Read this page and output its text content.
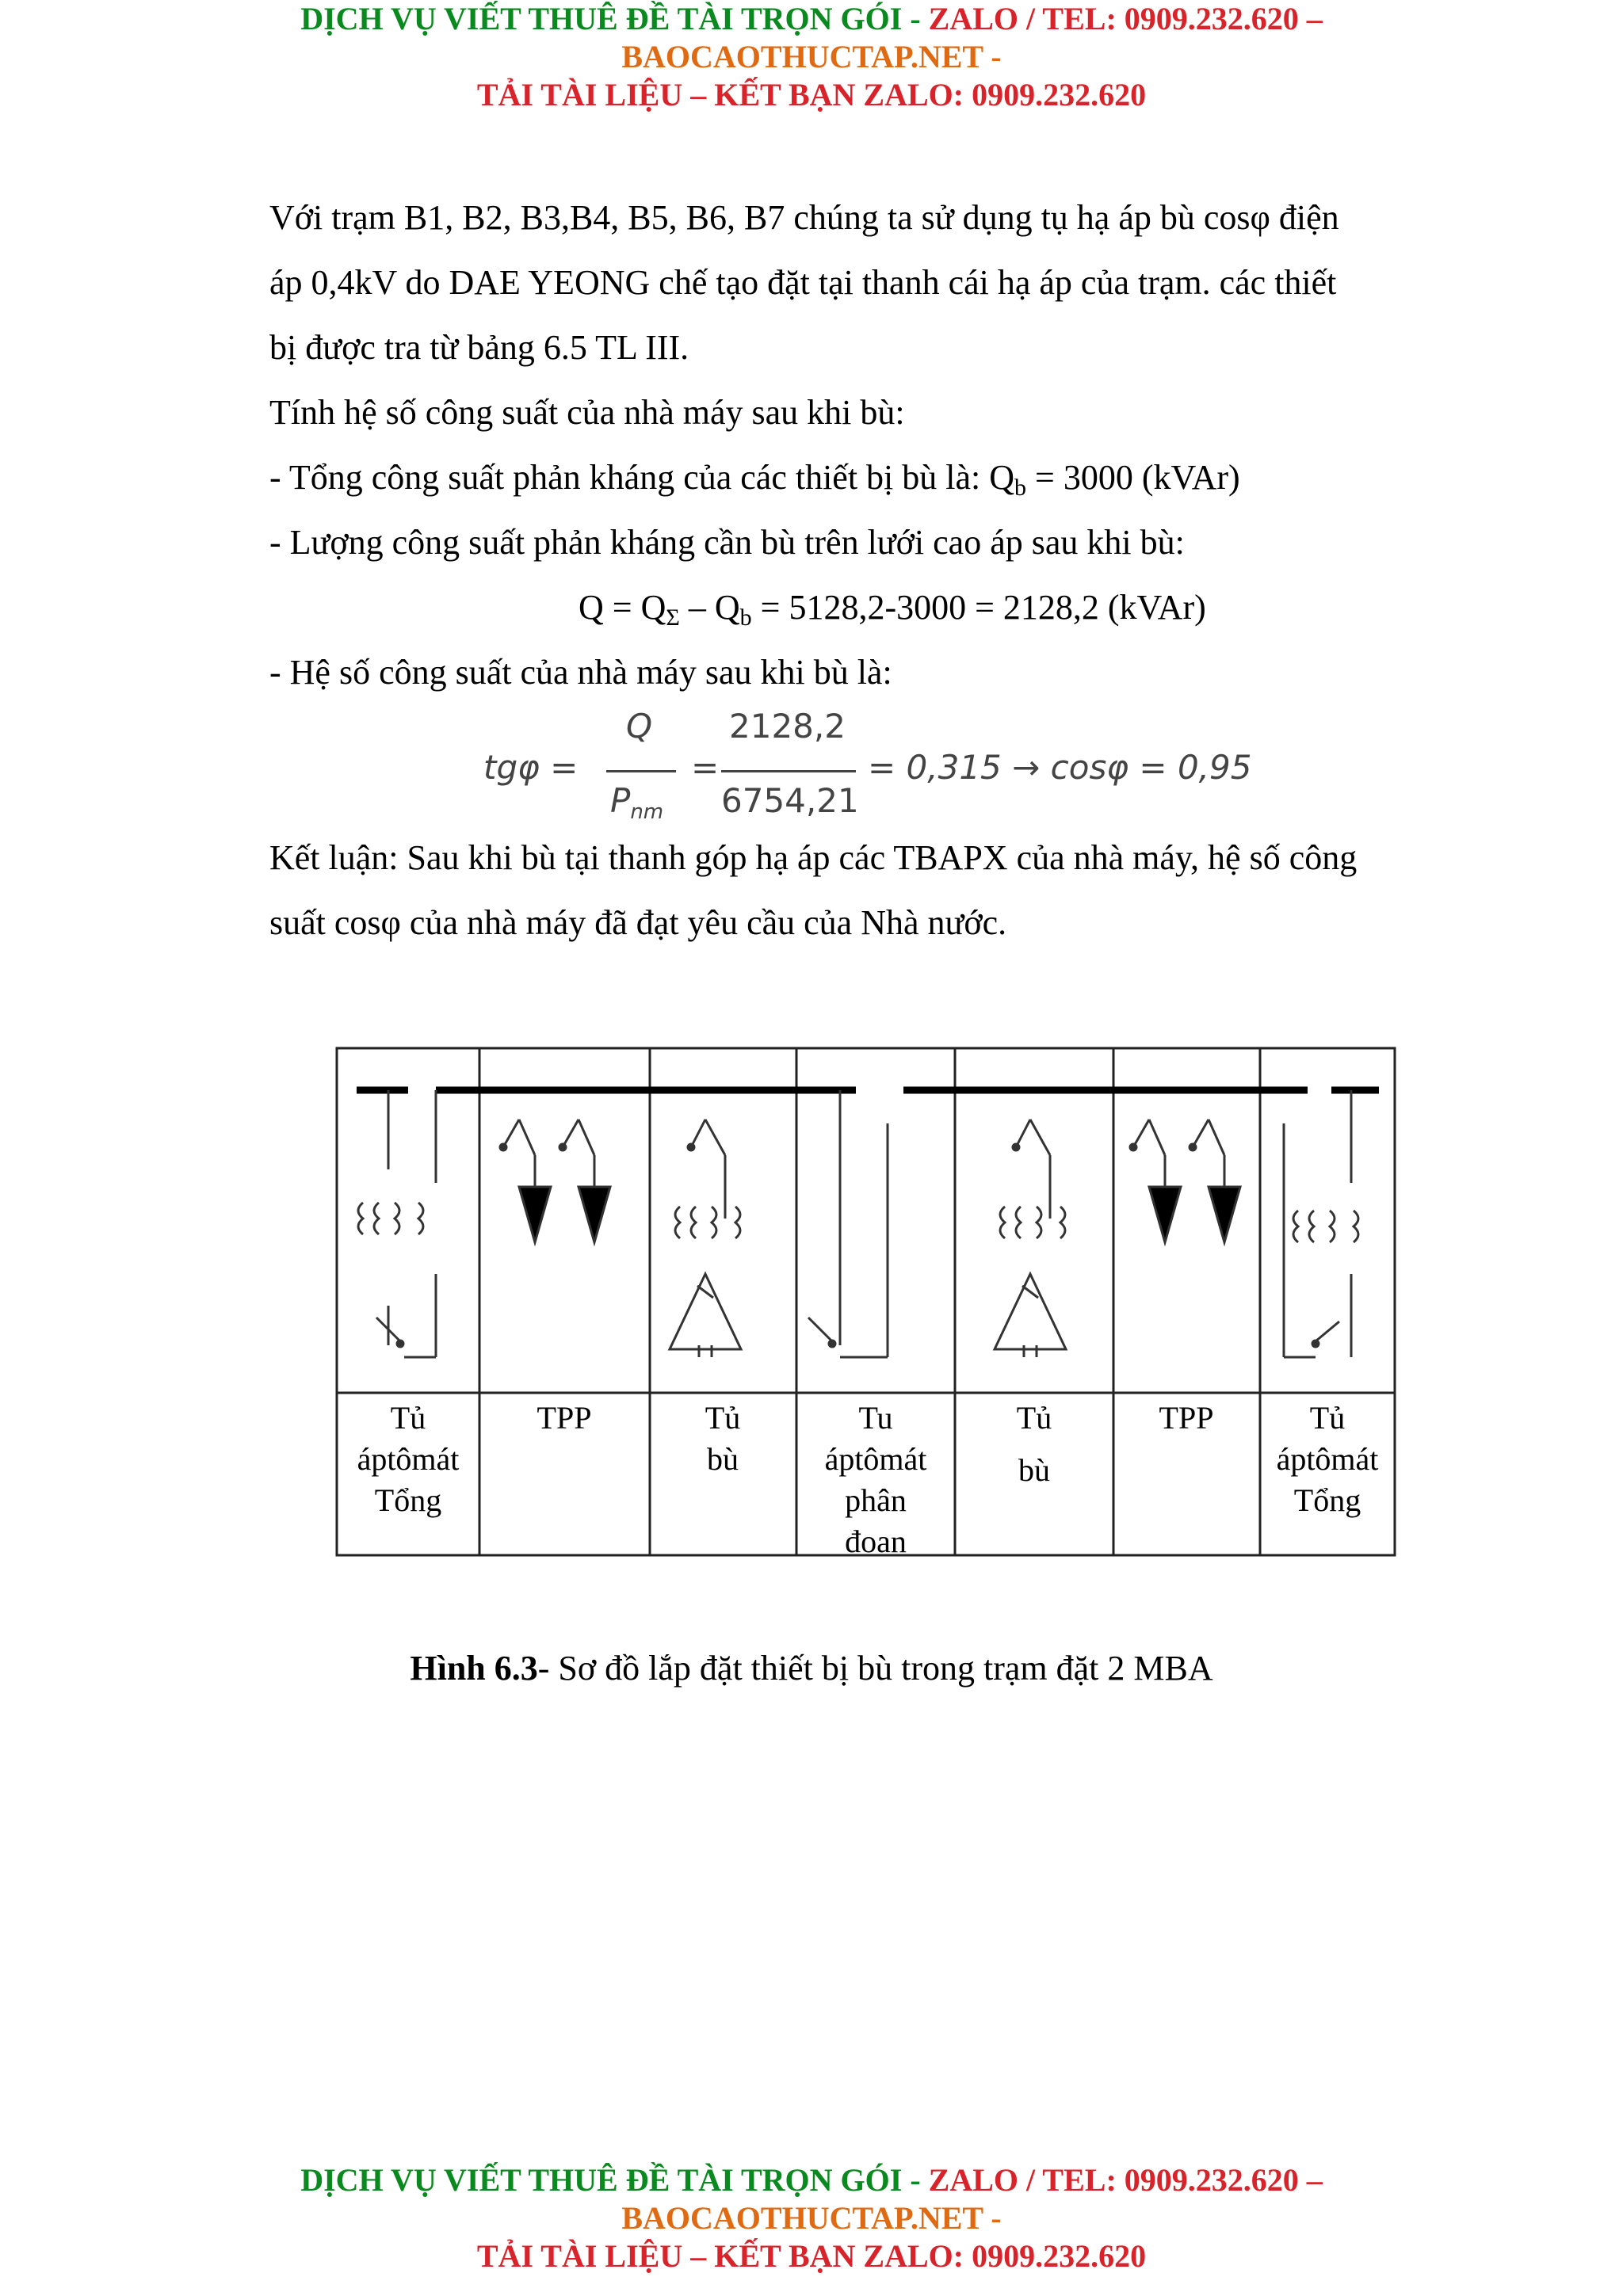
DỊCH VỤ VIẾT THUÊ ĐỀ TÀI TRỌN GÓI - ZALO / TEL: 0909.232.620 –
BAOCAOTHUCTAP.NET -
TẢI TÀI LIỆU – KẾT BẠN ZALO: 0909.232.620
Với trạm B1, B2, B3,B4, B5, B6, B7 chúng ta sử dụng tụ hạ áp bù cosφ điện
áp 0,4kV do DAE YEONG chế tạo đặt tại thanh cái hạ áp của trạm. các thiết
bị được tra từ bảng 6.5 TL III.
Tính hệ số công suất của nhà máy sau khi bù:
- Tổng công suất phản kháng của các thiết bị bù là: $Q_b = 3000$ (kVAr)
- Lượng công suất phản kháng cần bù trên lưới cao áp sau khi bù:
$Q = Q_\Sigma - Q_b = 5128,2-3000 = 2128,2$ (kVAr)
- Hệ số công suất của nhà máy sau khi bù là:
Kết luận: Sau khi bù tại thanh góp hạ áp các TBAPX của nhà máy, hệ số công
suất cosφ của nhà máy đã đạt yêu cầu của Nhà nước.
tgφ =
Q
$P_{nm}$
=
2128,2
6754,21
= 0,315 → cosφ = 0,95
Tủ
áptômát
Tổng
TPP	Tủ
bù
Tu
áptômát
phân
đoan
Tủ
bù
TPP	Tủ
áptômát
Tổng
Hình 6.3- Sơ đồ lắp đặt thiết bị bù trong trạm đặt 2 MBA
DỊCH VỤ VIẾT THUÊ ĐỀ TÀI TRỌN GÓI - ZALO / TEL: 0909.232.620 –
BAOCAOTHUCTAP.NET -
TẢI TÀI LIỆU – KẾT BẠN ZALO: 0909.232.620
